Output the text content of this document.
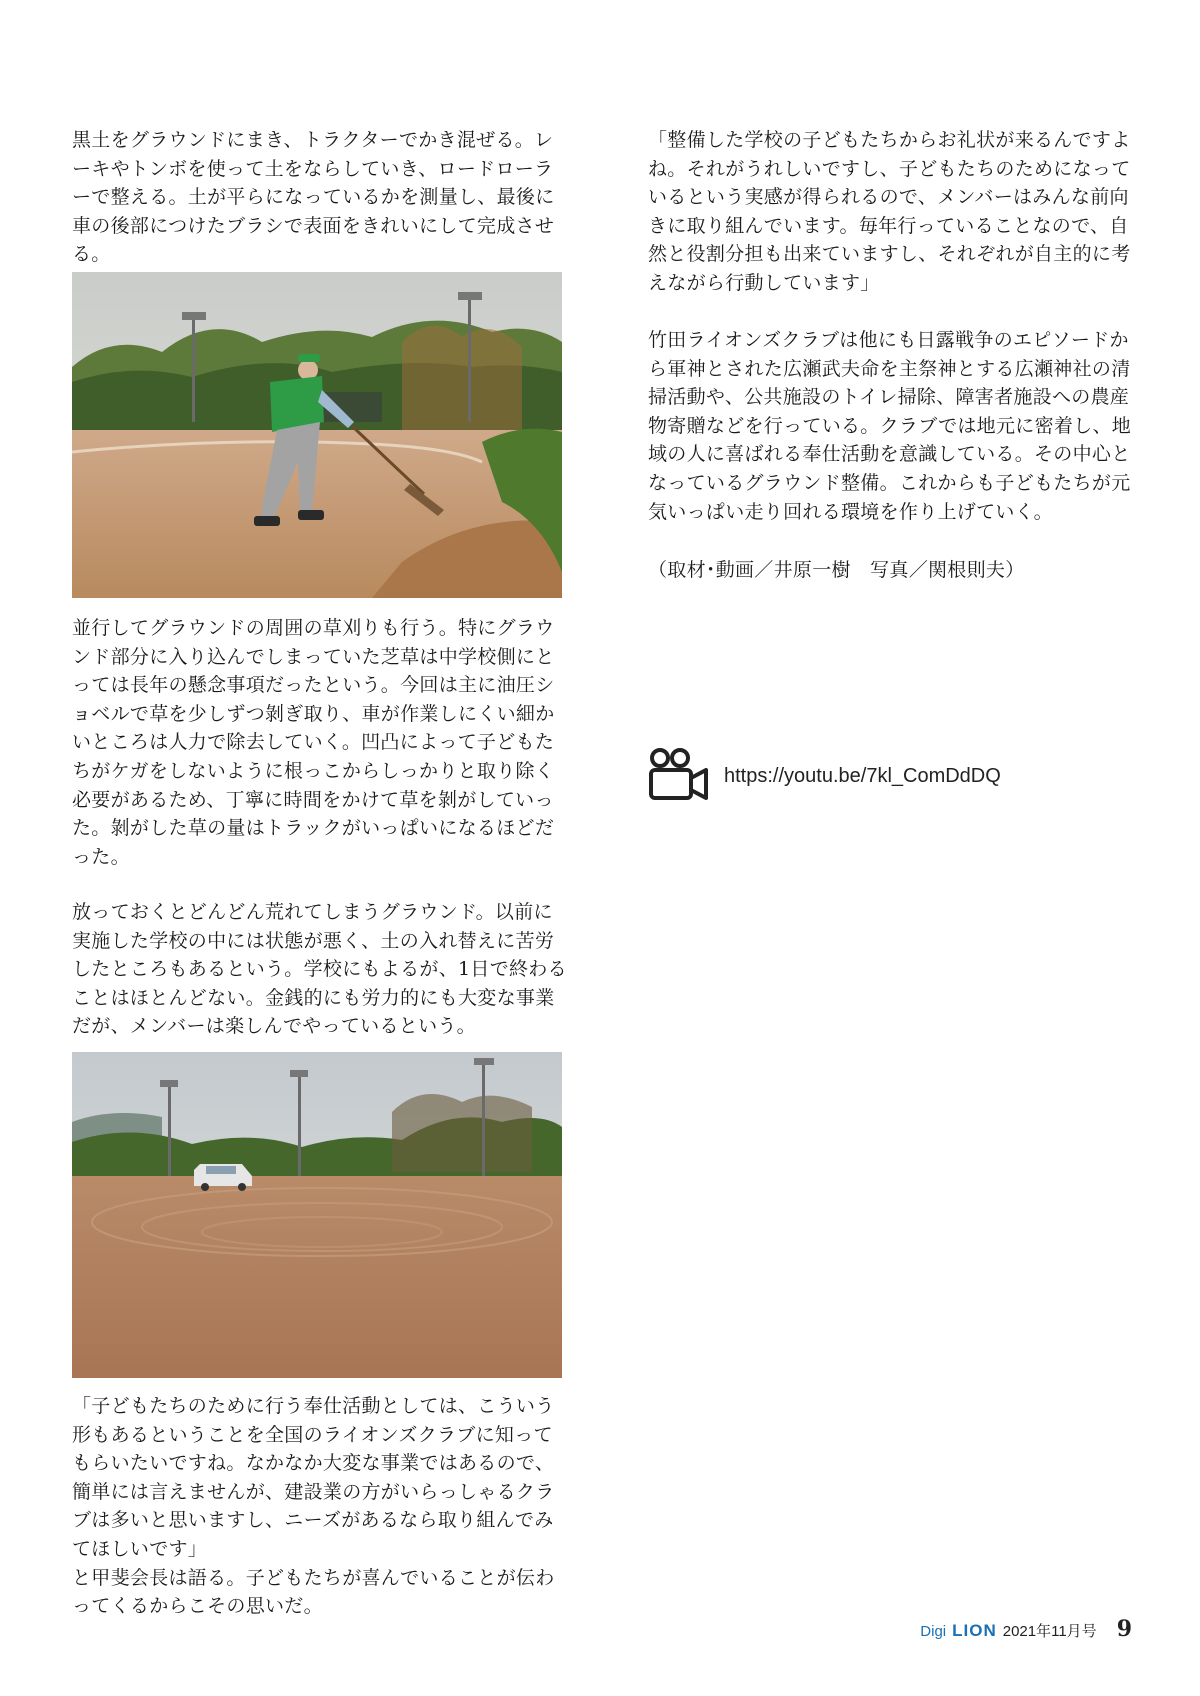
黒土をグラウンドにまき、トラクターでかき混ぜる。レ
ーキやトンボを使って土をならしていき、ロードローラ
ーで整える。土が平らになっているかを測量し、最後に
車の後部につけたブラシで表面をきれいにして完成させ
る。

並行してグラウンドの周囲の草刈りも行う。特にグラウ
ンド部分に入り込んでしまっていた芝草は中学校側にと
っては長年の懸念事項だったという。今回は主に油圧シ
ョベルで草を少しずつ剝ぎ取り、車が作業しにくい細か
いところは人力で除去していく。凹凸によって子どもた
ちがケガをしないように根っこからしっかりと取り除く
必要があるため、丁寧に時間をかけて草を剝がしていっ
た。剝がした草の量はトラックがいっぱいになるほどだ
った。

放っておくとどんどん荒れてしまうグラウンド。以前に
実施した学校の中には状態が悪く、土の入れ替えに苦労
したところもあるという。学校にもよるが、1日で終わる
ことはほとんどない。金銭的にも労力的にも大変な事業
だが、メンバーは楽しんでやっているという。

「子どもたちのために行う奉仕活動としては、こういう
形もあるということを全国のライオンズクラブに知って
もらいたいですね。なかなか大変な事業ではあるので、
簡単には言えませんが、建設業の方がいらっしゃるクラ
ブは多いと思いますし、ニーズがあるなら取り組んでみ
てほしいです」
と甲斐会長は語る。子どもたちが喜んでいることが伝わ
ってくるからこその思いだ。

「整備した学校の子どもたちからお礼状が来るんですよ
ね。それがうれしいですし、子どもたちのためになって
いるという実感が得られるので、メンバーはみんな前向
きに取り組んでいます。毎年行っていることなので、自
然と役割分担も出来ていますし、それぞれが自主的に考
えながら行動しています」

竹田ライオンズクラブは他にも日露戦争のエピソードか
ら軍神とされた広瀬武夫命を主祭神とする広瀬神社の清
掃活動や、公共施設のトイレ掃除、障害者施設への農産
物寄贈などを行っている。クラブでは地元に密着し、地
域の人に喜ばれる奉仕活動を意識している。その中心と
なっているグラウンド整備。これからも子どもたちが元
気いっぱい走り回れる環境を作り上げていく。

（取材･動画／井原一樹　写真／関根則夫）

https://youtu.be/7kl_ComDdDQ
Digi LION 2021年11月号 9
